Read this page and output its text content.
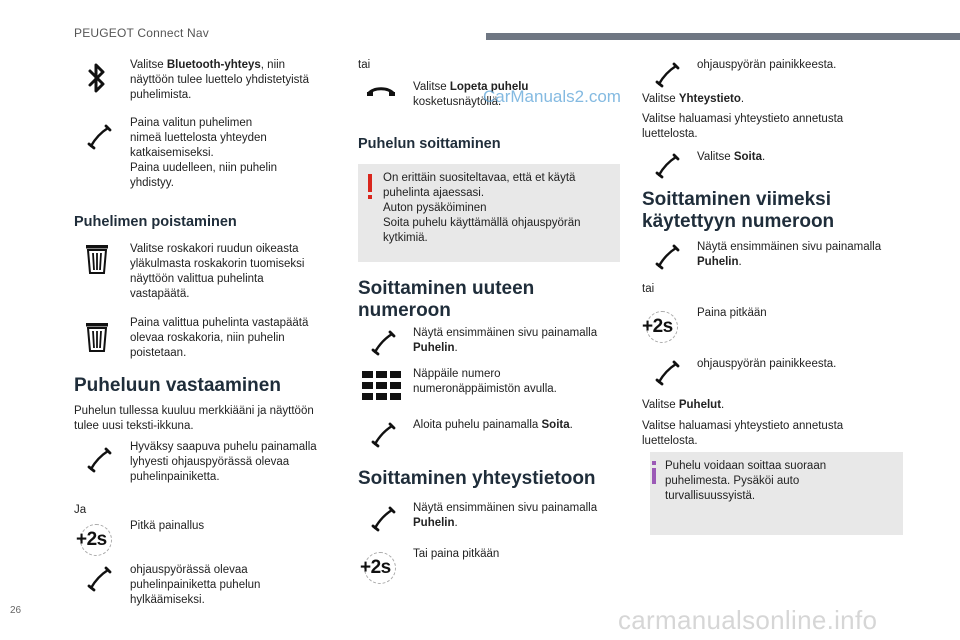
PEUGEOT Connect Nav
Valitse Bluetooth-yhteys, niin
näyttöön tulee luettelo yhdistetyistä
puhelimista.
Paina valitun puhelimen
nimeä luettelosta yhteyden
katkaisemiseksi.
Paina uudelleen, niin puhelin
yhdistyy.
Puhelimen poistaminen
Valitse roskakori ruudun oikeasta
yläkulmasta roskakorin tuomiseksi
näyttöön valittua puhelinta
vastapäätä.
Paina valittua puhelinta vastapäätä
olevaa roskakoria, niin puhelin
poistetaan.
Puheluun vastaaminen
Puhelun tullessa kuuluu merkkiääni ja näyttöön
tulee uusi teksti-ikkuna.
Hyväksy saapuva puhelu painamalla
lyhyesti ohjauspyörässä olevaa
puhelinpainiketta.
Ja
+2s
Pitkä painallus
ohjauspyörässä olevaa
puhelinpainiketta puhelun
hylkäämiseksi.
tai
Valitse Lopeta puhelu
kosketusnäytöllä.
Puhelun soittaminen
On erittäin suositeltavaa, että et käytä
puhelinta ajaessasi.
Auton pysäköiminen
Soita puhelu käyttämällä ohjauspyörän
kytkimiä.
Soittaminen uuteen
numeroon
Näytä ensimmäinen sivu painamalla
Puhelin.
Näppäile numero
numeronäppäimistön avulla.
Aloita puhelu painamalla Soita.
Soittaminen yhteystietoon
Näytä ensimmäinen sivu painamalla
Puhelin.
+2s
Tai paina pitkään
ohjauspyörän painikkeesta.
Valitse Yhteystieto.
Valitse haluamasi yhteystieto annetusta
luettelosta.
Valitse Soita.
Soittaminen viimeksi
käytettyyn numeroon
Näytä ensimmäinen sivu painamalla
Puhelin.
tai
+2s
Paina pitkään
ohjauspyörän painikkeesta.
Valitse Puhelut.
Valitse haluamasi yhteystieto annetusta
luettelosta.
Puhelu voidaan soittaa suoraan
puhelimesta. Pysäköi auto
turvallisuussyistä.
26
CarManuals2.com
carmanualsonline.info
